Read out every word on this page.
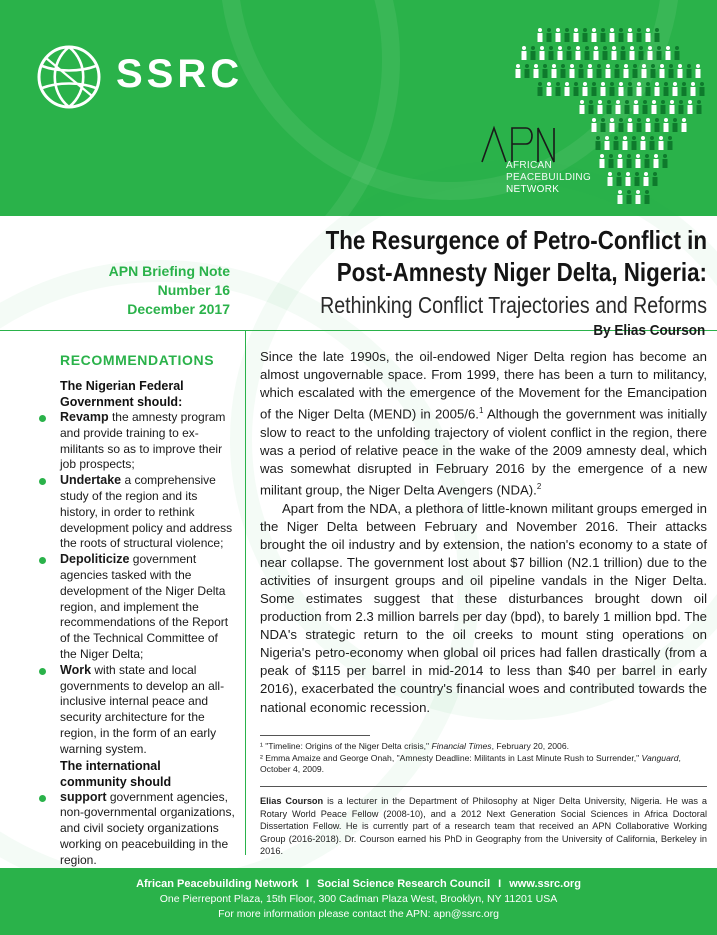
SSRC
AFRICAN
PEACEBUILDING
NETWORK
APN Briefing Note
Number 16
December 2017
The Resurgence of Petro-Conflict in
Post-Amnesty Niger Delta, Nigeria:
Rethinking Conflict Trajectories and Reforms
By Elias Courson
RECOMMENDATIONS
The Nigerian Federal Government should:
Revamp the amnesty program and provide training to ex-militants so as to improve their job prospects;
Undertake a comprehensive study of the region and its history, in order to rethink development policy and address the roots of structural violence;
Depoliticize government agencies tasked with the development of the Niger Delta region, and implement the recommendations of the Report of the Technical Committee of the Niger Delta;
Work with state and local governments to develop an all-inclusive internal peace and security architecture for the region, in the form of an early warning system.
The international community should
support government agencies, non-governmental organizations, and civil society organizations working on peacebuilding in the region.

Since the late 1990s, the oil-endowed Niger Delta region has become an almost ungovernable space. From 1999, there has been a turn to militancy, which escalated with the emergence of the Movement for the Emancipation of the Niger Delta (MEND) in 2005/6.$^1$ Although the government was initially slow to react to the unfolding trajectory of violent conflict in the region, there was a period of relative peace in the wake of the 2009 amnesty deal, which was somewhat disrupted in February 2016 by the emergence of a new militant group, the Niger Delta Avengers (NDA).$^2$

Apart from the NDA, a plethora of little-known militant groups emerged in the Niger Delta between February and November 2016. Their attacks brought the oil industry and by extension, the nation's economy to a state of near collapse. The government lost about $7 billion (N2.1 trillion) due to the activities of insurgent groups and oil pipeline vandals in the Niger Delta. Some estimates suggest that these disturbances brought down oil production from 2.3 million barrels per day (bpd), to barely 1 million bpd. The NDA's strategic return to the oil creeks to mount sting operations on Nigeria's petro-economy when global oil prices had fallen drastically (from a peak of $115 per barrel in mid-2014 to less than $40 per barrel in early 2016), exacerbated the country's financial woes and contributed towards the national economic recession.

¹ "Timeline: Origins of the Niger Delta crisis," Financial Times, February 20, 2006.
² Emma Amaize and George Onah, "Amnesty Deadline: Militants in Last Minute Rush to Surrender," Vanguard, October 4, 2009.
Elias Courson is a lecturer in the Department of Philosophy at Niger Delta University, Nigeria. He was a Rotary World Peace Fellow (2008-10), and a 2012 Next Generation Social Sciences in Africa Doctoral Dissertation Fellow. He is currently part of a research team that received an APN Collaborative Working Group (2016-2018). Dr. Courson earned his PhD in Geography from the University of California, Berkeley in 2016.
African Peacebuilding Network I Social Science Research Council I www.ssrc.org
One Pierrepont Plaza, 15th Floor, 300 Cadman Plaza West, Brooklyn, NY 11201 USA
For more information please contact the APN: apn@ssrc.org
